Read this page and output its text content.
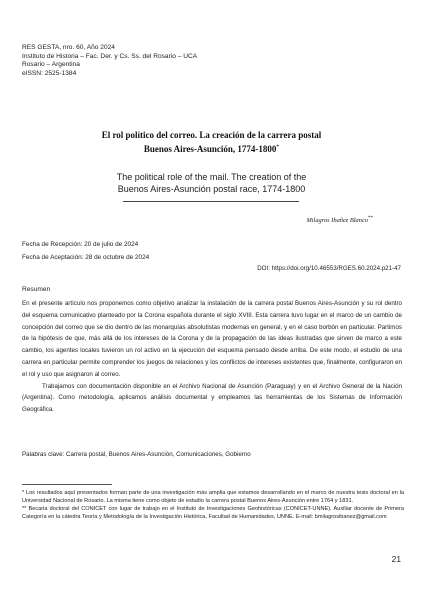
RES GESTA, nro. 60, Año 2024
Instituto de Historia – Fac. Der. y Cs. Ss. del Rosario – UCA
Rosario – Argentina
eISSN: 2525-1384
El rol político del correo. La creación de la carrera postal
Buenos Aires-Asunción, 1774-1800*
The political role of the mail. The creation of the
Buenos Aires-Asunción postal race, 1774-1800
Milagros Ibañez Blanco**
Fecha de Recepción: 20 de julio de 2024
Fecha de Aceptación: 28 de octubre de 2024
DOI: https://doi.org/10.46553/RGES.60.2024.p21-47
Resumen

En el presente artículo nos proponemos como objetivo analizar la instalación de la carrera postal Buenos Aires-Asunción y su rol dentro del esquema comunicativo planteado por la Corona española durante el siglo XVIII. Esta carrera tuvo lugar en el marco de un cambio de concepción del correo que se dio dentro de las monarquías absolutistas modernas en general, y en el caso borbón en particular. Partimos de la hipótesis de que, más allá de los intereses de la Corona y de la propagación de las ideas ilustradas que sirven de marco a este cambio, los agentes locales tuvieron un rol activo en la ejecución del esquema pensado desde arriba. De este modo, el estudio de una carrera en particular permite comprender los juegos de relaciones y los conflictos de intereses existentes que, finalmente, configuraron en el rol y uso que asignaron al correo.

Trabajamos con documentación disponible en el Archivo Nacional de Asunción (Paraguay) y en el Archivo General de la Nación (Argentina). Como metodología, aplicamos análisis documental y empleamos las herramientas de los Sistemas de Información Geográfica.

Palabras clave: Carrera postal, Buenos Aires-Asunción, Comunicaciones, Gobierno

* Los resultados aquí presentados forman parte de una investigación más amplia que estamos desarrollando en el marco de nuestra tesis doctoral en la Universidad Nacional de Rosario. La misma tiene como objeto de estudio la carrera postal Buenos Aires-Asunción entre 1764 y 1831.

** Becaria doctoral del CONICET con lugar de trabajo en el Instituto de Investigaciones Geohistóricas (CONICET-UNNE). Auxiliar docente de Primera Categoría en la cátedra Teoría y Metodología de la Investigación Histórica, Facultad de Humanidades, UNNE. E-mail: bmilagrosibanez@gmail.com

21
